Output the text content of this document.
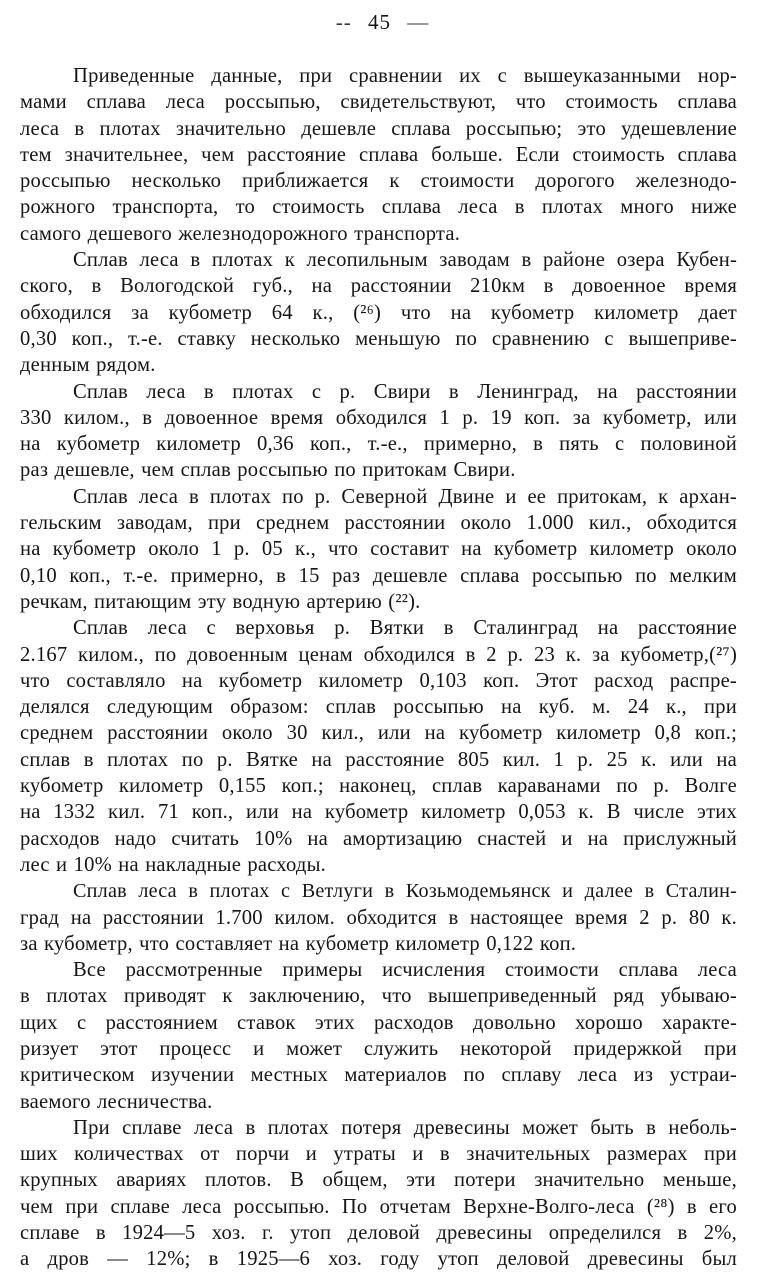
-- 45 —
Приведенные данные, при сравнении их с вышеуказанными нор-
мами сплава леса россыпью, свидетельствуют, что стоимость сплава
леса в плотах значительно дешевле сплава россыпью; это удешевление
тем значительнее, чем расстояние сплава больше. Если стоимость сплава
россыпью несколько приближается к стоимости дорогого железнодо-
рожного транспорта, то стоимость сплава леса в плотах много ниже
самого дешевого железнодорожного транспорта.
Сплав леса в плотах к лесопильным заводам в районе озера Кубен-
ского, в Вологодской губ., на расстоянии 210км в довоенное время
обходился за кубометр 64 к., (²⁶) что на кубометр километр дает
0,30 коп., т.-е. ставку несколько меньшую по сравнению с вышеприве-
денным рядом.
Сплав леса в плотах с р. Свири в Ленинград, на расстоянии
330 килом., в довоенное время обходился 1 р. 19 коп. за кубометр, или
на кубометр километр 0,36 коп., т.-е., примерно, в пять с половиной
раз дешевле, чем сплав россыпью по притокам Свири.
Сплав леса в плотах по р. Северной Двине и ее притокам, к архан-
гельским заводам, при среднем расстоянии около 1.000 кил., обходится
на кубометр около 1 р. 05 к., что составит на кубометр километр около
0,10 коп., т.-е. примерно, в 15 раз дешевле сплава россыпью по мелким
речкам, питающим эту водную артерию (²²).
Сплав леса с верховья р. Вятки в Сталинград на расстояние
2.167 килом., по довоенным ценам обходился в 2 р. 23 к. за кубометр,(²⁷)
что составляло на кубометр километр 0,103 коп. Этот расход распре-
делялся следующим образом: сплав россыпью на куб. м. 24 к., при
среднем расстоянии около 30 кил., или на кубометр километр 0,8 коп.;
сплав в плотах по р. Вятке на расстояние 805 кил. 1 р. 25 к. или на
кубометр километр 0,155 коп.; наконец, сплав караванами по р. Волге
на 1332 кил. 71 коп., или на кубометр километр 0,053 к. В числе этих
расходов надо считать 10% на амортизацию снастей и на прислужный
лес и 10% на накладные расходы.
Сплав леса в плотах с Ветлуги в Козьмодемьянск и далее в Сталин-
град на расстоянии 1.700 килом. обходится в настоящее время 2 р. 80 к.
за кубометр, что составляет на кубометр километр 0,122 коп.
Все рассмотренные примеры исчисления стоимости сплава леса
в плотах приводят к заключению, что вышеприведенный ряд убываю-
щих с расстоянием ставок этих расходов довольно хорошо характе-
ризует этот процесс и может служить некоторой придержкой при
критическом изучении местных материалов по сплаву леса из устраи-
ваемого лесничества.
При сплаве леса в плотах потеря древесины может быть в неболь-
ших количествах от порчи и утраты и в значительных размерах при
крупных авариях плотов. В общем, эти потери значительно меньше,
чем при сплаве леса россыпью. По отчетам Верхне-Волго-леса (²⁸) в его
сплаве в 1924—5 хоз. г. утоп деловой древесины определился в 2%,
а дров — 12%; в 1925—6 хоз. году утоп деловой древесины был
